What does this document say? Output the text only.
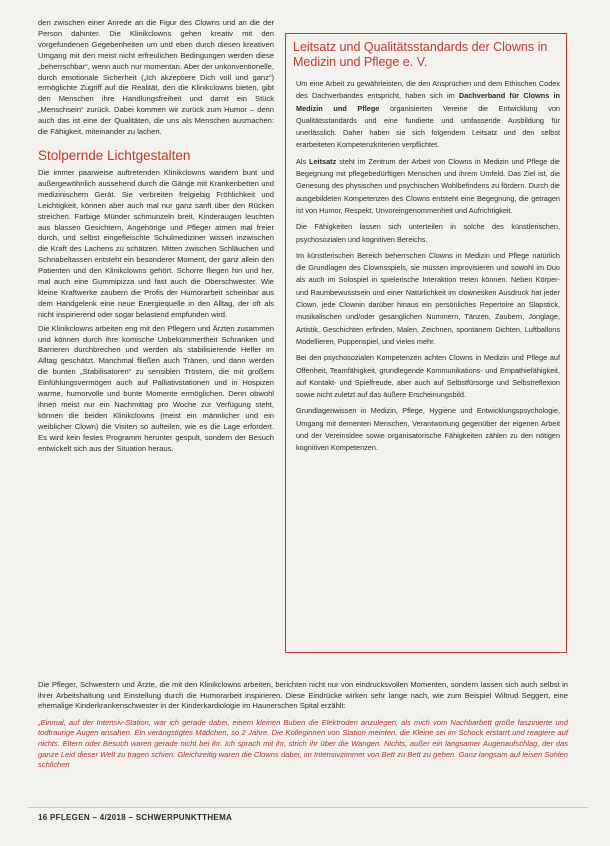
den zwischen einer Anrede an die Figur des Clowns und an die der Person dahinter. Die Klinikclowns gehen kreativ mit den vorgefundenen Gegebenheiten um und eben durch diesen kreativen Umgang mit den meist nicht erfreulichen Bedingungen werden diese „beherrschbar“, wenn auch nur momentan. Aber der unkonventionelle, durch emotionale Sicherheit („Ich akzeptiere Dich voll und ganz“) ermöglichte Zugriff auf die Realität, den die Klinikclowns bieten, gibt den Menschen ihre Handlungsfreiheit und damit ein Stück „Menschsein“ zurück. Dabei kommen wir zurück zum Humor – denn auch das ist eine der Qualitäten, die uns als Menschen ausmachen: die Fähigkeit, miteinander zu lachen.

Stolpernde Lichtgestalten

Die immer paarweise auftretenden Klinikclowns wandern bunt und außergewöhnlich aussehend durch die Gänge mit Krankenbetten und medizinischem Gerät. Sie verbreiten freigiebig Fröhlichkeit und Leichtigkeit, können aber auch mal nur ganz sanft über den Rücken streichen. Farbige Münder schmunzeln breit, Kinderaugen leuchten aus blassen Gesichtern, Angehörige und Pfleger atmen mal freier durch, und selbst eingefleischte Schulmediziner wissen inzwischen die Kraft des Lachens zu schätzen. Mitten zwischen Schläuchen und Schnabeltassen entsteht ein besonderer Moment, der ganz allein den Patienten und den Klinikclowns gehört. Schorre fliegen hin und her, mal auch eine Gummipizza und fast auch die Oberschwester. Wie kleine Kraftwerke zaubern die Profis der Humorarbeit scheinbar aus dem Handgelenk eine neue Energiequelle in den Alltag, der oft als nicht inspirierend oder sogar belastend empfunden wird.

Die Klinikclowns arbeiten eng mit den Pflegern und Ärzten zusammen und können durch ihre komische Unbekümmertheit Schranken und Barrieren durchbrechen und werden als stabilisierende Helfer im Alltag geschätzt. Manchmal fließen auch Tränen, und dann werden die bunten „Stabilisatoren“ zu sensiblen Tröstern, die mit großem Einfühlungsvermögen auch auf Palliativstationen und in Hospizen warme, humorvolle und bunte Momente ermöglichen. Denn obwohl ihnen meist nur ein Nachmittag pro Woche zur Verfügung steht, können die beiden Klinikclowns (meist ein männlicher und ein weiblicher Clown) die Visiten so aufteilen, wie es die Lage erfordert. Es wird kein festes Programm herunter gespult, sondern der Besuch entwickelt sich aus der Situation heraus.

Leitsatz und Qualitätsstandards der Clowns in Medizin und Pflege e. V.

Um eine Arbeit zu gewährleisten, die den Ansprüchen und dem Ethischen Codex des Dachverbandes entspricht, haben sich im Dachverband für Clowns in Medizin und Pflege organisierten Vereine die Entwicklung von Qualitätsstandards und eine fundierte und umfassende Ausbildung für unerlässlich. Daher haben sie sich folgendem Leitsatz und den selbst erarbeiteten Kompetenzkriterien verpflichtet.

Als Leitsatz steht im Zentrum der Arbeit von Clowns in Medizin und Pflege die Begegnung mit pflegebedürftigen Menschen und ihrem Umfeld. Das Ziel ist, die Genesung des physischen und psychischen Wohlbefindens zu fördern. Durch die ausgebildeten Kompetenzen des Clowns entsteht eine Begegnung, die getragen ist von Humor, Respekt, Unvoreingenommenheit und Aufrichtigkeit.

Die Fähigkeiten lassen sich unterteilen in solche des künstlerischen, psychosozialen und kognitiven Bereichs.

Im künstlerischen Bereich beherrschen Clowns in Medizin und Pflege natürlich die Grundlagen des Clownsspiels, sie müssen improvisieren und sowohl im Duo als auch im Solospiel in spielerische Interaktion treten können. Neben Körper- und Raumbewusstsein und einer Natürlichkeit im clownesken Ausdruck hat jeder Clown, jede Clownin darüber hinaus ein persönliches Repertoire an Slapstick, musikalischen und/oder gesanglichen Nummern, Tänzen, Zaubern, Jonglage, Artistik, Geschichten erfinden, Malen, Zeichnen, spontanem Dichten, Luftballons Modellieren, Puppenspiel, und vieles mehr.

Bei den psychosozialen Kompetenzen achten Clowns in Medizin und Pflege auf Offenheit, Teamfähigkeit, grundlegende Kommunikations- und Empathiefähigkeit, auf Kontakt- und Spielfreude, aber auch auf Selbstfürsorge und Selbstreflexion sowie nicht zuletzt auf das äußere Erscheinungsbild.

Grundlagenwissen in Medizin, Pflege, Hygiene und Entwicklungspsychologie, Umgang mit dementen Menschen, Verantwortung gegenüber der eigenen Arbeit und der Vereinsidee sowie organisatorische Fähigkeiten zählen zu den nötigen kognitiven Kompetenzen.

Die Pfleger, Schwestern und Ärzte, die mit den Klinikclowns arbeiten, berichten nicht nur von eindrucksvollen Momenten, sondern lassen sich auch selbst in ihrer Arbeitshaltung und Einstellung durch die Humorarbeit inspirieren. Diese Eindrücke wirken sehr lange nach, wie zum Beispiel Wiltrud Seggert, eine ehemalige Kinderkrankenschwester in der Kinderkardiologie im Haunerschen Spital erzählt:

„Einmal, auf der Intensiv-Station, war ich gerade dabei, einem kleinen Buben die Elektroden anzulegen, als mich vom Nachbarbett große faszinierte und todtraurige Augen ansahen. Ein verängstigtes Mädchen, so 2 Jahre. Die Kolleginnen von Station meinten, die Kleine sei im Schock erstarrt und reagiere auf nichts. Eltern oder Besuch waren gerade nicht bei ihr. Ich sprach mit ihr, strich ihr über die Wangen. Nichts, außer ein langsamer Augenaufschlag, der das ganze Leid dieser Welt zu tragen schien. Gleichzeitig waren die Clowns dabei, im Intensivzimmer von Bett zu Bett zu gehen. Ganz langsam auf leisen Sohlen schlichen

16 PFLEGEN – 4/2018 – SCHWERPUNKTTHEMA
